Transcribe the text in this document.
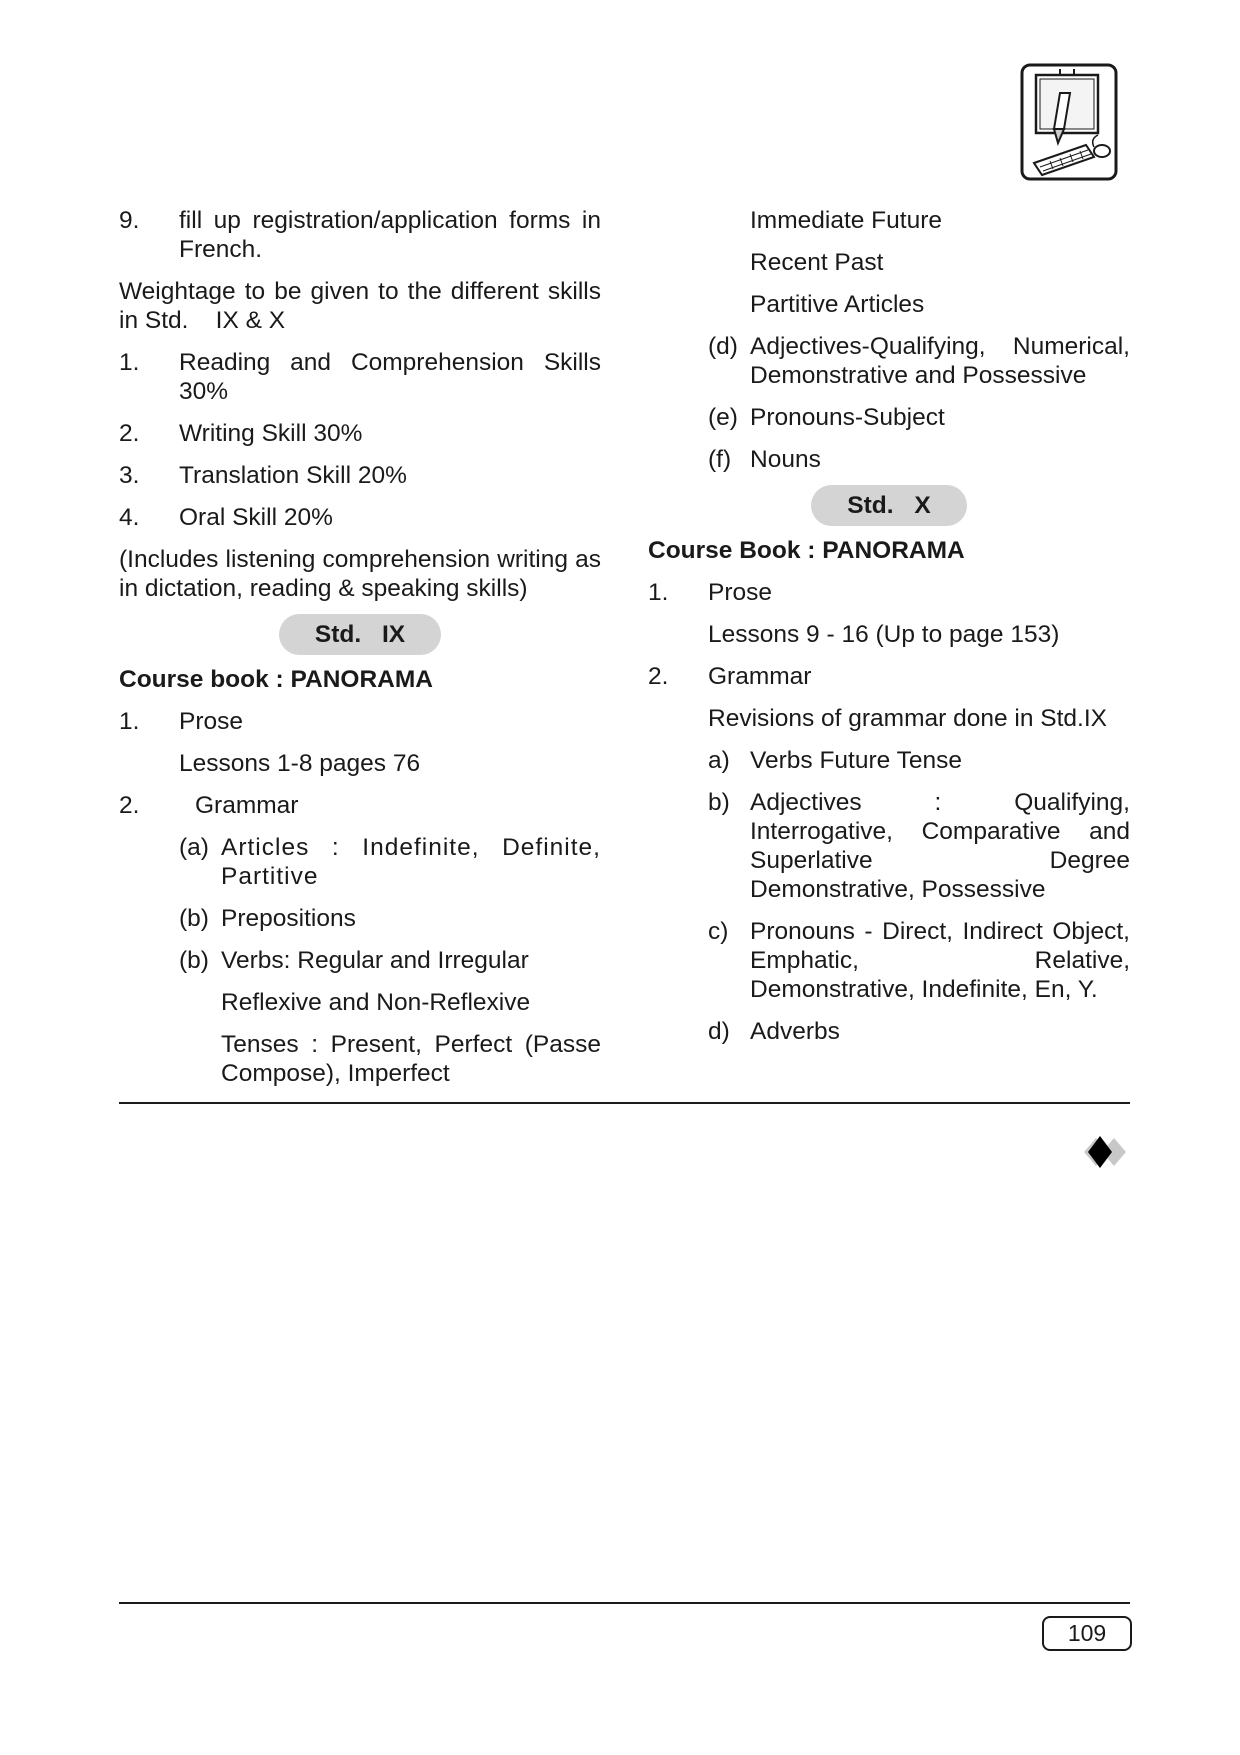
9.	fill up registration/application forms in French.
Weightage to be given to the different skills in Std.    IX & X
1.	Reading and Comprehension Skills 30%
2.	Writing Skill 30%
3.	Translation Skill 20%
4.	Oral Skill 20%
(Includes listening comprehension writing as in dictation, reading & speaking skills)
Std. IX
Course book : PANORAMA
1.	Prose
Lessons 1-8 pages 76
2.	Grammar
(a) Articles : Indefinite, Definite, Partitive
(b) Prepositions
(b) Verbs: Regular and Irregular
Reflexive and Non-Reflexive
Tenses : Present, Perfect (Passe Compose), Imperfect
Immediate Future
Recent Past
Partitive Articles
(d) Adjectives-Qualifying, Numerical, Demonstrative and Possessive
(e) Pronouns-Subject
(f) Nouns
Std. X
Course Book : PANORAMA
1.	Prose
Lessons 9 - 16 (Up to page 153)
2.	Grammar
Revisions of grammar done in Std.IX
a) Verbs Future Tense
b) Adjectives : Qualifying, Interrogative, Comparative and Superlative Degree Demonstrative, Possessive
c) Pronouns - Direct, Indirect Object, Emphatic, Relative, Demonstrative, Indefinite, En, Y.
d) Adverbs
109
